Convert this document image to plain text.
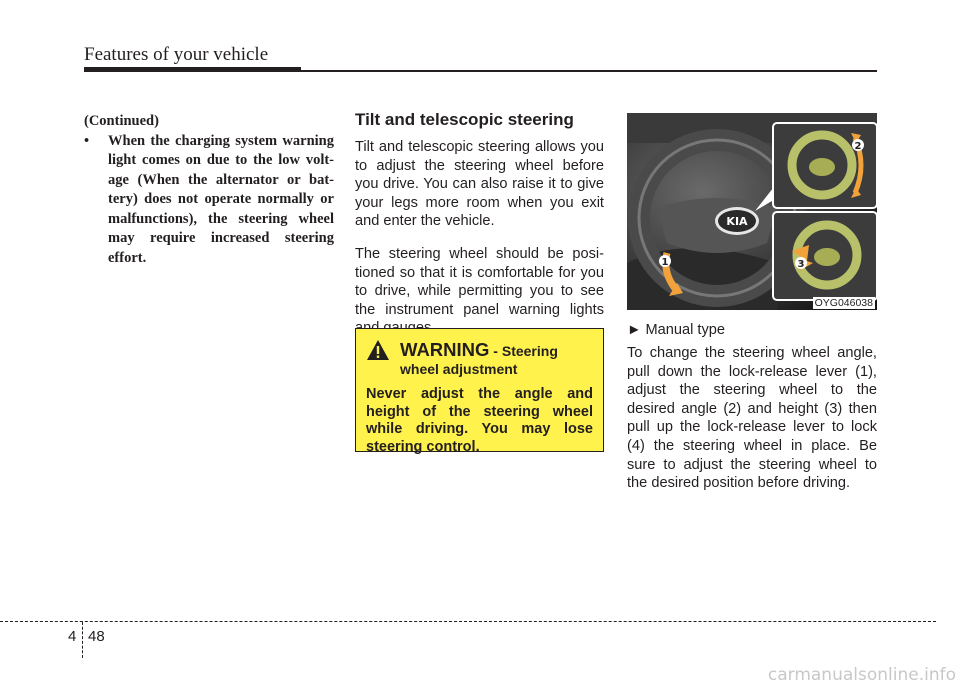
Features of your vehicle

(Continued)

• When the charging system warning light comes on due to the low volt-age (When the alternator or bat-tery) does not operate normally or malfunctions), the steering wheel may require increased steering effort.

Tilt and telescopic steering

Tilt and telescopic steering allows you to adjust the steering wheel before you drive. You can also raise it to give your legs more room when you exit and enter the vehicle.

The steering wheel should be posi-tioned so that it is comfortable for you to drive, while permitting you to see the instrument panel warning lights

WARNING - Steering

wheel adjustment

Never adjust the angle and height of the steering wheel while driving. You may lose steering control.

KIA
2
3
1
OYG046038

► Manual type

To change the steering wheel angle, pull down the lock-release lever (1), adjust the steering wheel to the desired angle (2) and height (3) then pull up the lock-release lever to lock (4) the steering wheel in place. Be sure to adjust the steering wheel to the desired position before driving.

4 48
carmanualsonline.info
